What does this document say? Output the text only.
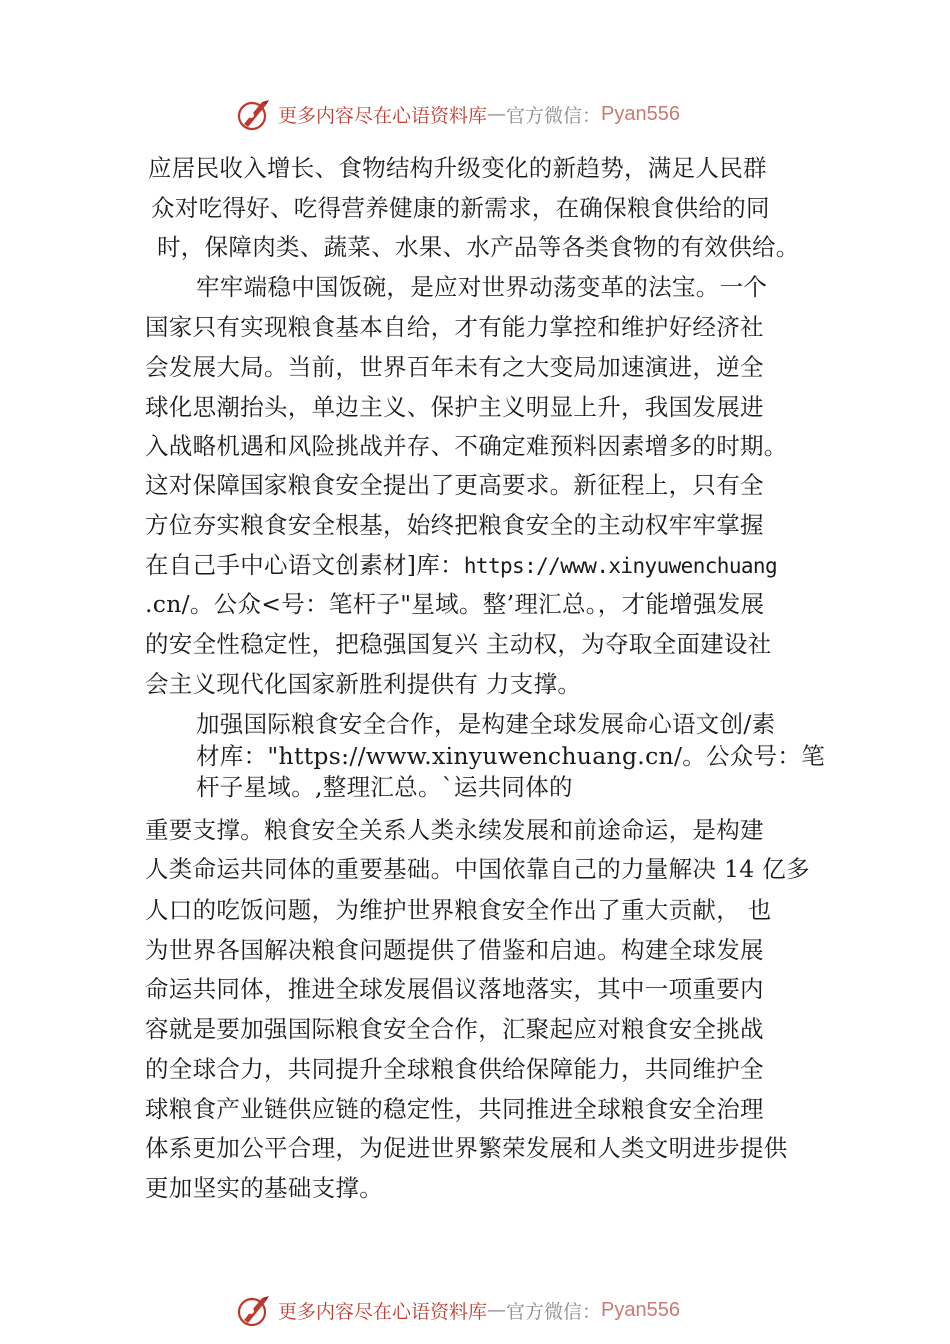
更多内容尽在心语资料库 — 官方微信： Pyan556
应居民收入增长、食物结构升级变化的新趋势，满足人民群
众对吃得好、吃得营养健康的新需求，在确保粮食供给的同
时，保障肉类、蔬菜、水果、水产品等各类食物的有效供给。
牢牢端稳中国饭碗，是应对世界动荡变革的法宝。一个
国家只有实现粮食基本自给，才有能力掌控和维护好经济社
会发展大局。当前，世界百年未有之大变局加速演进，逆全
球化思潮抬头，单边主义、保护主义明显上升，我国发展进
入战略机遇和风险挑战并存、不确定难预料因素增多的时期。
这对保障国家粮食安全提出了更高要求。新征程上，只有全
方位夯实粮食安全根基，始终把粮食安全的主动权牢牢掌握
在自己手中心语文创素材]库：https://www.xinyuwenchuang
.cn/。公众<号：笔杆子"星域。整’理汇总。，才能增强发展
的安全性稳定性，把稳强国复兴 主动权，为夺取全面建设社
会主义现代化国家新胜利提供有 力支撑。
加强国际粮食安全合作，是构建全球发展命心语文创/素
材库："https://www.xinyuwenchuang.cn/。公众号：笔
杆子星域。,整理汇总。`运共同体的
重要支撑。粮食安全关系人类永续发展和前途命运，是构建
人类命运共同体的重要基础。中国依靠自己的力量解决 14 亿多
人口的吃饭问题，为维护世界粮食安全作出了重大贡献， 也
为世界各国解决粮食问题提供了借鉴和启迪。构建全球发展
命运共同体，推进全球发展倡议落地落实，其中一项重要内
容就是要加强国际粮食安全合作，汇聚起应对粮食安全挑战
的全球合力，共同提升全球粮食供给保障能力，共同维护全
球粮食产业链供应链的稳定性，共同推进全球粮食安全治理
体系更加公平合理，为促进世界繁荣发展和人类文明进步提供
更加坚实的基础支撑。
更多内容尽在心语资料库 — 官方微信： Pyan556
